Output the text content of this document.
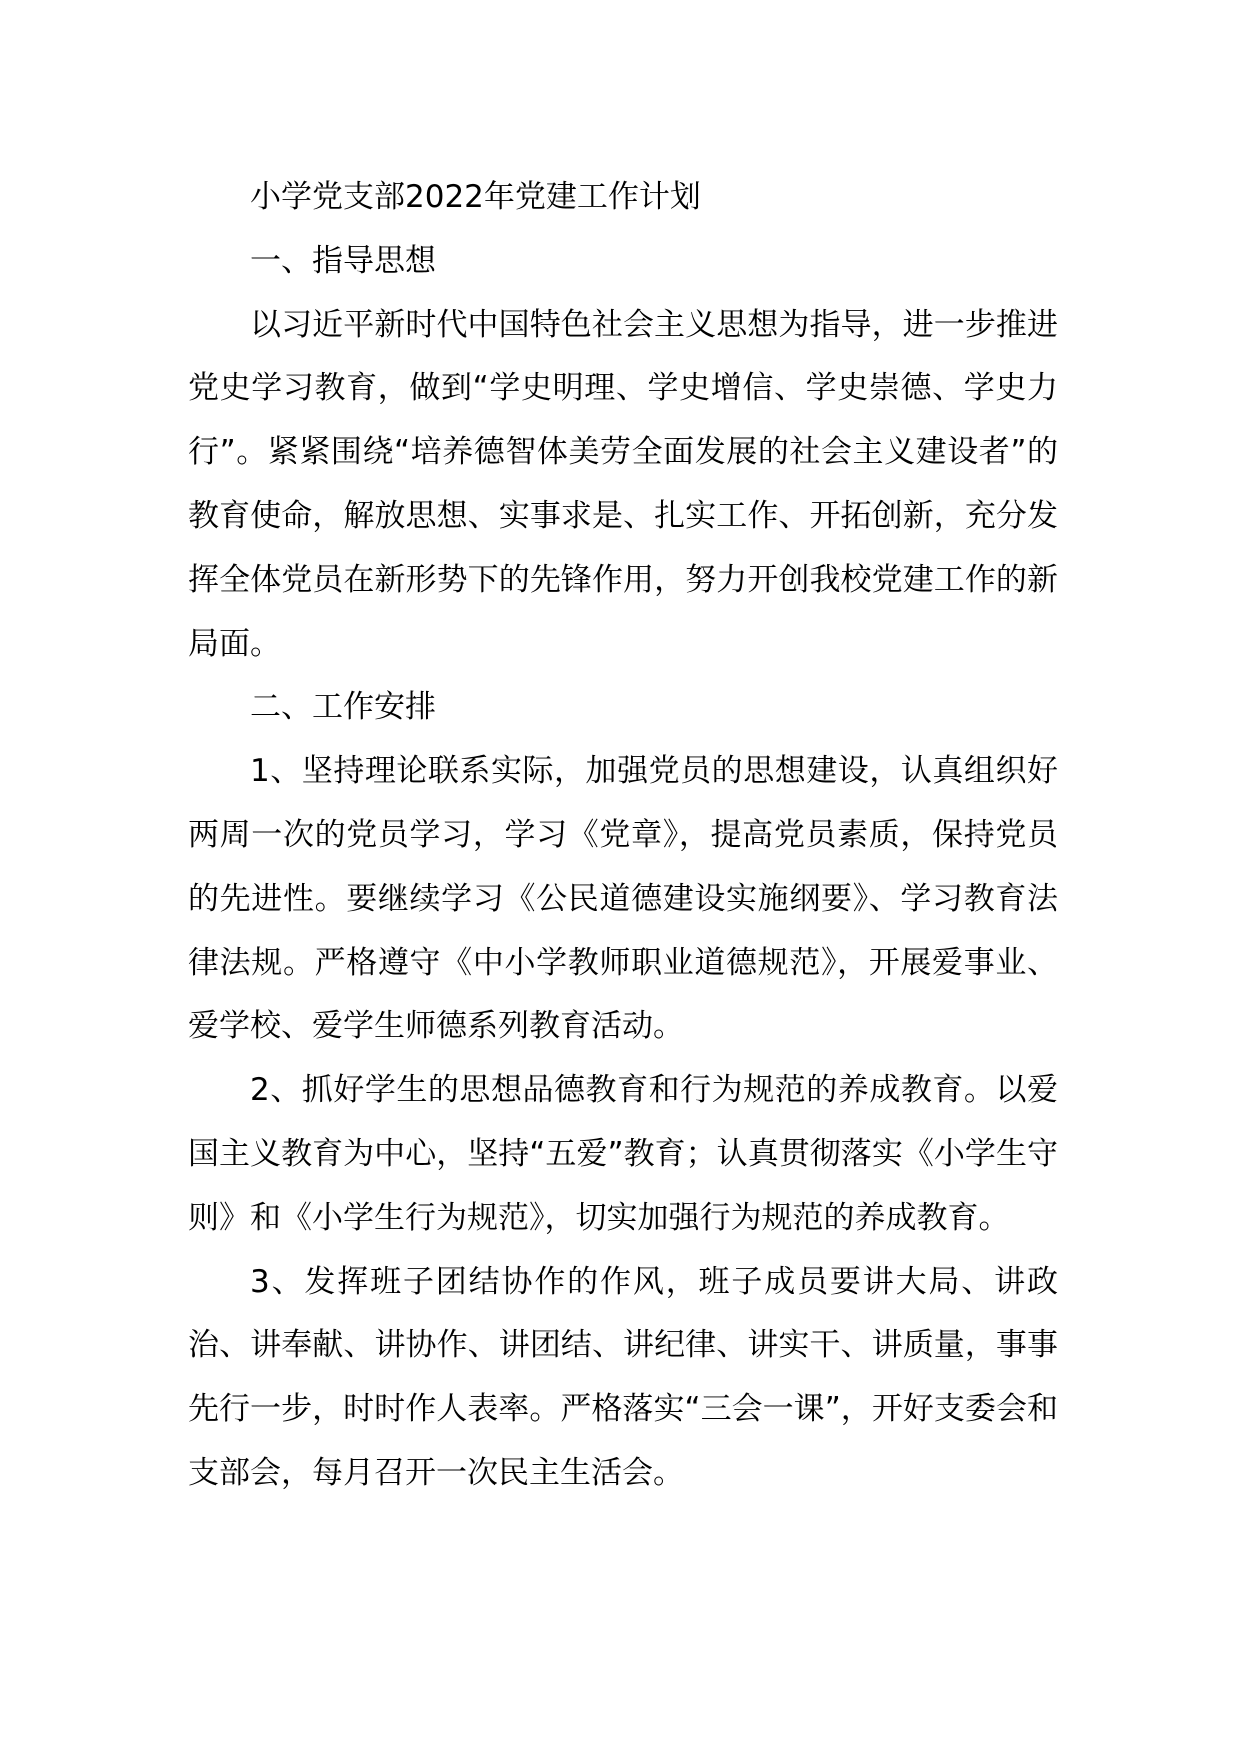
小学党支部2022年党建工作计划

一、指导思想

以习近平新时代中国特色社会主义思想为指导，进一步推进党史学习教育，做到“学史明理、学史增信、学史崇德、学史力行”。紧紧围绕“培养德智体美劳全面发展的社会主义建设者”的教育使命，解放思想、实事求是、扎实工作、开拓创新，充分发挥全体党员在新形势下的先锋作用，努力开创我校党建工作的新局面。

二、工作安排

1、坚持理论联系实际，加强党员的思想建设，认真组织好两周一次的党员学习，学习《党章》，提高党员素质，保持党员的先进性。要继续学习《公民道德建设实施纲要》、学习教育法律法规。严格遵守《中小学教师职业道德规范》，开展爱事业、爱学校、爱学生师德系列教育活动。

2、抓好学生的思想品德教育和行为规范的养成教育。以爱国主义教育为中心，坚持“五爱”教育；认真贯彻落实《小学生守则》和《小学生行为规范》，切实加强行为规范的养成教育。

3、发挥班子团结协作的作风，班子成员要讲大局、讲政治、讲奉献、讲协作、讲团结、讲纪律、讲实干、讲质量，事事先行一步，时时作人表率。严格落实“三会一课”，开好支委会和支部会，每月召开一次民主生活会。
